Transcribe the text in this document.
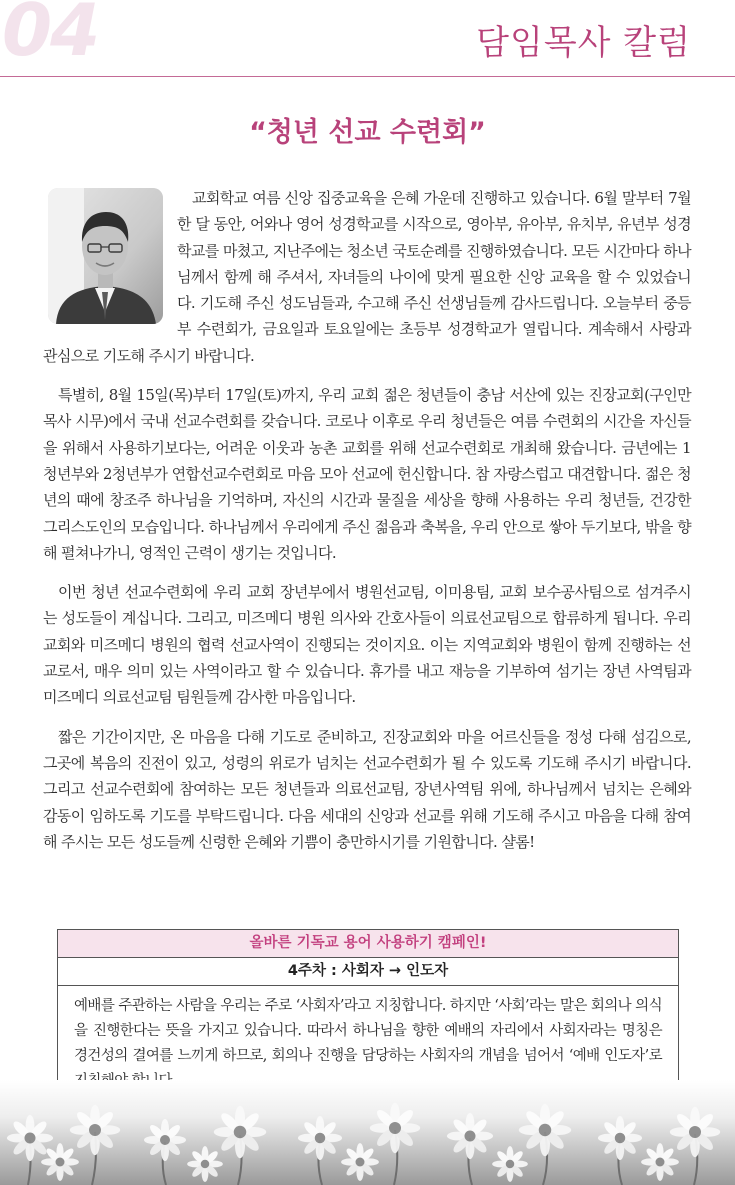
04	담임목사 칼럼
“청년 선교 수련회”

교회학교 여름 신앙 집중교육을 은혜 가운데 진행하고 있습니다. 6월 말부터 7월 한 달 동안, 어와나 영어 성경학교를 시작으로, 영아부, 유아부, 유치부, 유년부 성경학교를 마쳤고, 지난주에는 청소년 국토순례를 진행하였습니다. 모든 시간마다 하나님께서 함께 해 주셔서, 자녀들의 나이에 맞게 필요한 신앙 교육을 할 수 있었습니다. 기도해 주신 성도님들과, 수고해 주신 선생님들께 감사드립니다. 오늘부터 중등부 수련회가, 금요일과 토요일에는 초등부 성경학교가 열립니다. 계속해서 사랑과 관심으로 기도해 주시기 바랍니다.

특별히, 8월 15일(목)부터 17일(토)까지, 우리 교회 젊은 청년들이 충남 서산에 있는 진장교회(구인만 목사 시무)에서 국내 선교수련회를 갖습니다. 코로나 이후로 우리 청년들은 여름 수련회의 시간을 자신들을 위해서 사용하기보다는, 어려운 이웃과 농촌 교회를 위해 선교수련회로 개최해 왔습니다. 금년에는 1청년부와 2청년부가 연합선교수련회로 마음 모아 선교에 헌신합니다. 참 자랑스럽고 대견합니다. 젊은 청년의 때에 창조주 하나님을 기억하며, 자신의 시간과 물질을 세상을 향해 사용하는 우리 청년들, 건강한 그리스도인의 모습입니다. 하나님께서 우리에게 주신 젊음과 축복을, 우리 안으로 쌓아 두기보다, 밖을 향해 펼쳐나가니, 영적인 근력이 생기는 것입니다.

이번 청년 선교수련회에 우리 교회 장년부에서 병원선교팀, 이미용팀, 교회 보수공사팀으로 섬겨주시는 성도들이 계십니다. 그리고, 미즈메디 병원 의사와 간호사들이 의료선교팀으로 합류하게 됩니다. 우리 교회와 미즈메디 병원의 협력 선교사역이 진행되는 것이지요. 이는 지역교회와 병원이 함께 진행하는 선교로서, 매우 의미 있는 사역이라고 할 수 있습니다. 휴가를 내고 재능을 기부하여 섬기는 장년 사역팀과 미즈메디 의료선교팀 팀원들께 감사한 마음입니다.

짧은 기간이지만, 온 마음을 다해 기도로 준비하고, 진장교회와 마을 어르신들을 정성 다해 섬김으로, 그곳에 복음의 진전이 있고, 성령의 위로가 넘치는 선교수련회가 될 수 있도록 기도해 주시기 바랍니다. 그리고 선교수련회에 참여하는 모든 청년들과 의료선교팀, 장년사역팀 위에, 하나님께서 넘치는 은혜와 감동이 임하도록 기도를 부탁드립니다. 다음 세대의 신앙과 선교를 위해 기도해 주시고 마음을 다해 참여해 주시는 모든 성도들께 신령한 은혜와 기쁨이 충만하시기를 기원합니다. 샬롬!

올바른 기독교 용어 사용하기 캠페인!
4주차 : 사회자 → 인도자
예배를 주관하는 사람을 우리는 주로 ‘사회자’라고 지칭합니다. 하지만 ‘사회’라는 말은 회의나 의식을 진행한다는 뜻을 가지고 있습니다. 따라서 하나님을 향한 예배의 자리에서 사회자라는 명칭은 경건성의 결여를 느끼게 하므로, 회의나 진행을 담당하는 사회자의 개념을 넘어서 ‘예배 인도자’로
